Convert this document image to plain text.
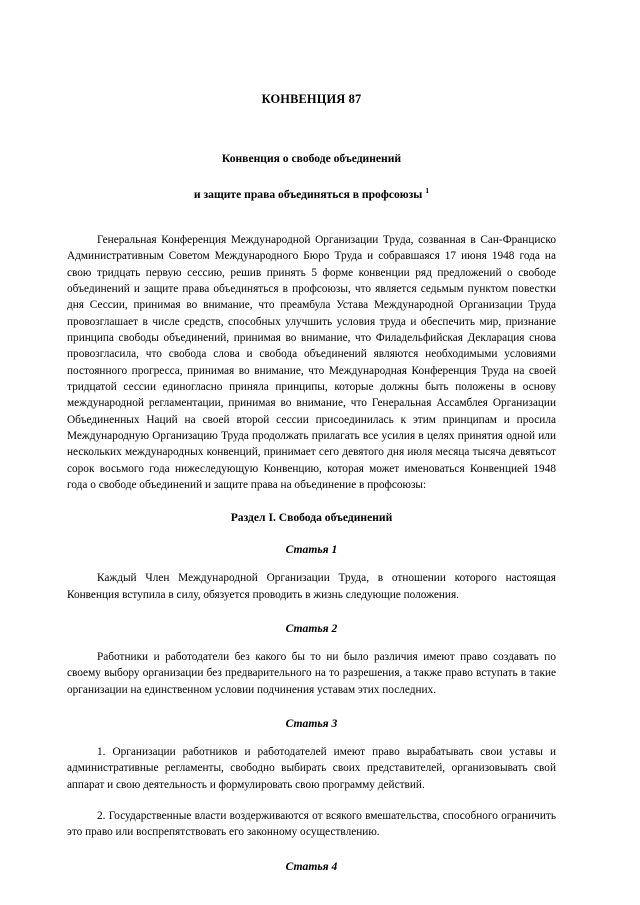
КОНВЕНЦИЯ 87

Конвенция о свободе объединений

и защите права объединяться в профсоюзы $^1$

Генеральная Конференция Международной Организации Труда, созванная в Сан-Франциско Административным Советом Международного Бюро Труда и собравшаяся 17 июня 1948 года на свою тридцать первую сессию, решив принять 5 форме конвенции ряд предложений о свободе объединений и защите права объединяться в профсоюзы, что является седьмым пунктом повестки дня Сессии, принимая во внимание, что преамбула Устава Международной Организации Труда провозглашает в числе средств, способных улучшить условия труда и обеспечить мир, признание принципа свободы объединений, принимая во внимание, что Филадельфийская Декларация снова провозгласила, что свобода слова и свобода объединений являются необходимыми условиями постоянного прогресса, принимая во внимание, что Международная Конференция Труда на своей тридцатой сессии единогласно приняла принципы, которые должны быть положены в основу международной регламентации, принимая во внимание, что Генеральная Ассамблея Организации Объединенных Наций на своей второй сессии присоединилась к этим принципам и просила Международную Организацию Труда продолжать прилагать все усилия в целях принятия одной или нескольких международных конвенций, принимает сего девятого дня июля месяца тысяча девятьсот сорок восьмого года нижеследующую Конвенцию, которая может именоваться Конвенцией 1948 года о свободе объединений и защите права на объединение в профсоюзы:

Раздел I. Свобода объединений
Статья 1

Каждый Член Международной Организации Труда, в отношении которого настоящая Конвенция вступила в силу, обязуется проводить в жизнь следующие положения.

Статья 2

Работники и работодатели без какого бы то ни было различия имеют право создавать по своему выбору организации без предварительного на то разрешения, а также право вступать в такие организации на единственном условии подчинения уставам этих последних.

Статья 3

1. Организации работников и работодателей имеют право вырабатывать свои уставы и административные регламенты, свободно выбирать своих представителей, организовывать свой аппарат и свою деятельность и формулировать свою программу действий.

2. Государственные власти воздерживаются от всякого вмешательства, способного ограничить это право или воспрепятствовать его законному осуществлению.

Статья 4
